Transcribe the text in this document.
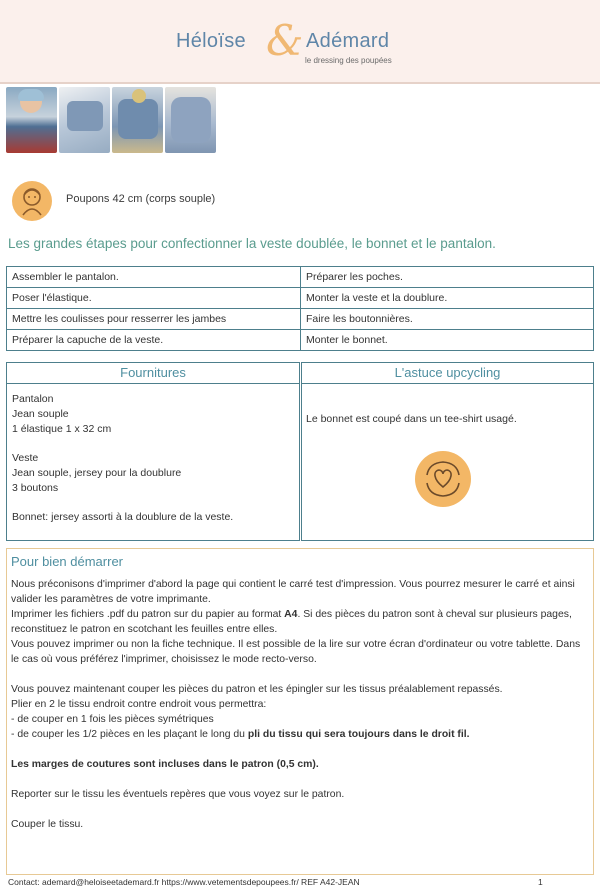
Héloïse & Adémard
le dressing des poupées
Poupons 42 cm (corps souple)
Les grandes étapes pour confectionner la veste doublée, le bonnet et le pantalon.
Assembler le pantalon.	Préparer les poches.
Poser l'élastique.	Monter la veste et la doublure.
Mettre les coulisses pour resserrer les jambes	Faire les boutonnières.
Préparer la capuche de la veste.	Monter le bonnet.
Fournitures
Pantalon
Jean souple
1 élastique 1 x 32 cm
Veste
Jean souple, jersey pour la doublure
3 boutons
Bonnet: jersey assorti à la doublure de la veste.
L'astuce upcycling
Le bonnet est coupé dans un tee-shirt usagé.
Pour bien démarrer

Nous préconisons d'imprimer d'abord la page qui contient le carré test d'impression. Vous pourrez mesurer le carré et ainsi valider les paramètres de votre imprimante.

Imprimer les fichiers .pdf du patron sur du papier au format A4. Si des pièces du patron sont à cheval sur plusieurs pages, reconstituez le patron en scotchant les feuilles entre elles.

Vous pouvez imprimer ou non la fiche technique. Il est possible de la lire sur votre écran d'ordinateur ou votre tablette. Dans le cas où vous préférez l'imprimer, choisissez le mode recto-verso.

Vous pouvez maintenant couper les pièces du patron et les épingler sur les tissus préalablement repassés.

Plier en 2 le tissu endroit contre endroit vous permettra:

- de couper en 1 fois les pièces symétriques

- de couper les 1/2 pièces en les plaçant le long du pli du tissu qui sera toujours dans le droit fil.

Les marges de coutures sont incluses dans le patron (0,5 cm).

Reporter sur le tissu les éventuels repères que vous voyez sur le patron.

Couper le tissu.

Contact: ademard@heloiseetademard.fr https://www.vetementsdepoupees.fr/ REF A42-JEAN	1
